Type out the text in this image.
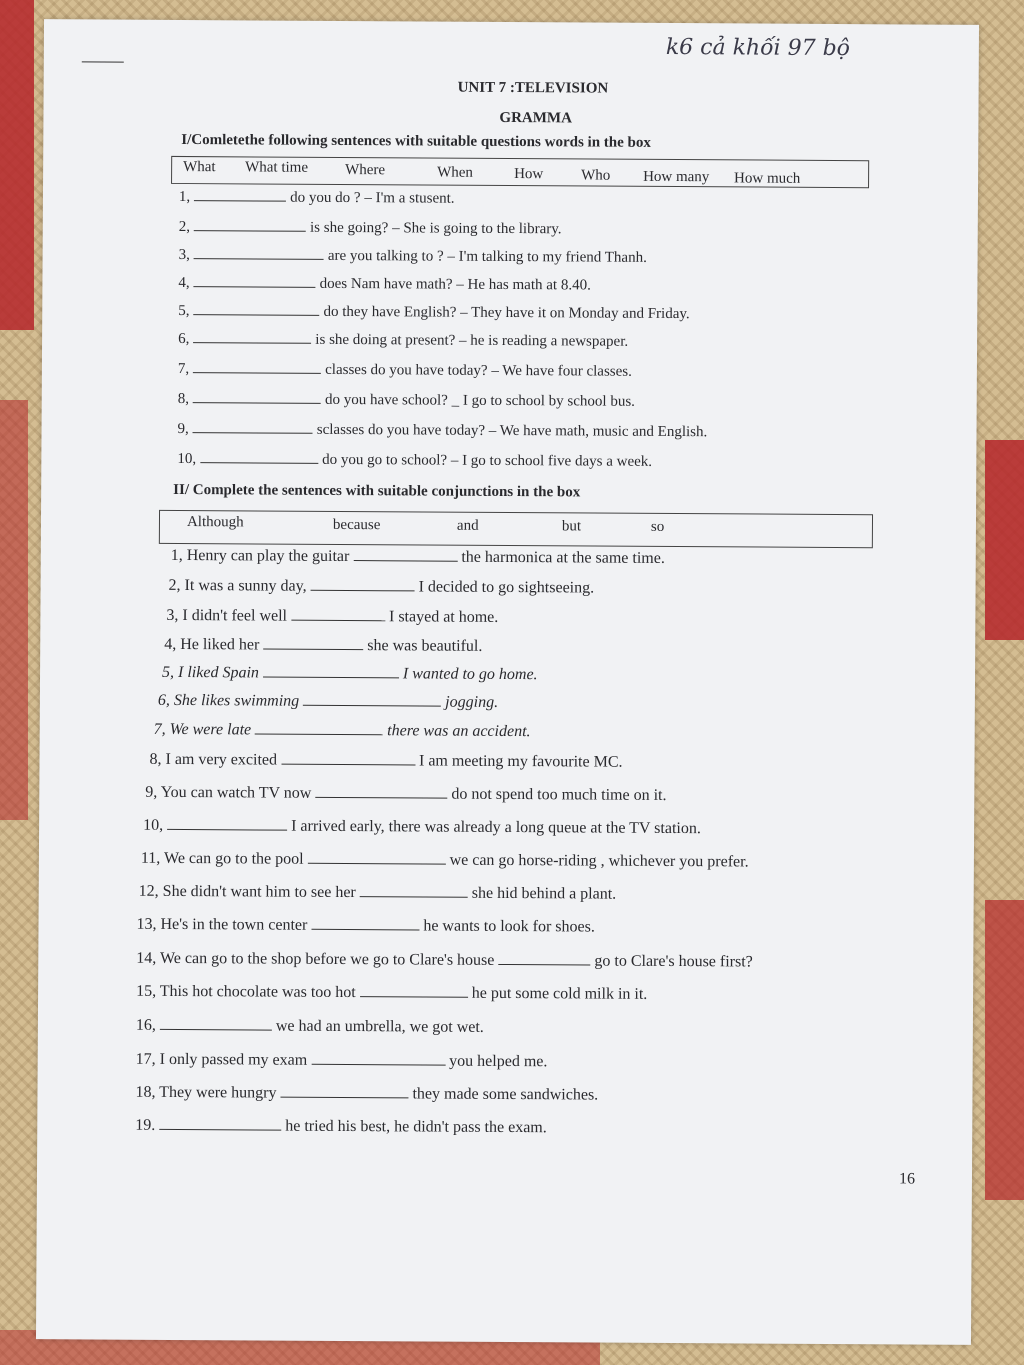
k6 cả khối 97 bộ
UNIT 7 :TELEVISION
GRAMMA
I/Comletethe following sentences with suitable questions words in the box
What What time Where	When	How	Who How many How much
1,	do you do ? – I'm a stusent.
2,	is she going? – She is going to the library.
3,	are you talking to ? – I'm talking to my friend Thanh.
4,	does Nam have math? – He has math at 8.40.
5,	do they have English? – They have it on Monday and Friday.
6,	is she doing at present? – he is reading a newspaper.
7,	classes do you have today? – We have four classes.
8,	do you have school? _ I go to school by school bus.
9,	sclasses do you have today? – We have math, music and English.
10,	do you go to school? – I go to school five days a week.
II/ Complete the sentences with suitable conjunctions in the box
Although	because	and	but	so
1, Henry can play the guitar	the harmonica at the same time.
2, It was a sunny day,	I decided to go sightseeing.
3, I didn't feel well	I stayed at home.
4, He liked her	she was beautiful.
5, I liked Spain	I wanted to go home.
6, She likes swimming	jogging.
7, We were late	there was an accident.
8, I am very excited	I am meeting my favourite MC.
9, You can watch TV now	do not spend too much time on it.
10,	I arrived early, there was already a long queue at the TV station.
11, We can go to the pool	we can go horse-riding , whichever you prefer.
12, She didn't want him to see her	she hid behind a plant.
13, He's in the town center	he wants to look for shoes.
14, We can go to the shop before we go to Clare's house	go to Clare's house first?
15, This hot chocolate was too hot	he put some cold milk in it.
16,	we had an umbrella, we got wet.
17, I only passed my exam	you helped me.
18, They were hungry	they made some sandwiches.
19.	he tried his best, he didn't pass the exam.
16
